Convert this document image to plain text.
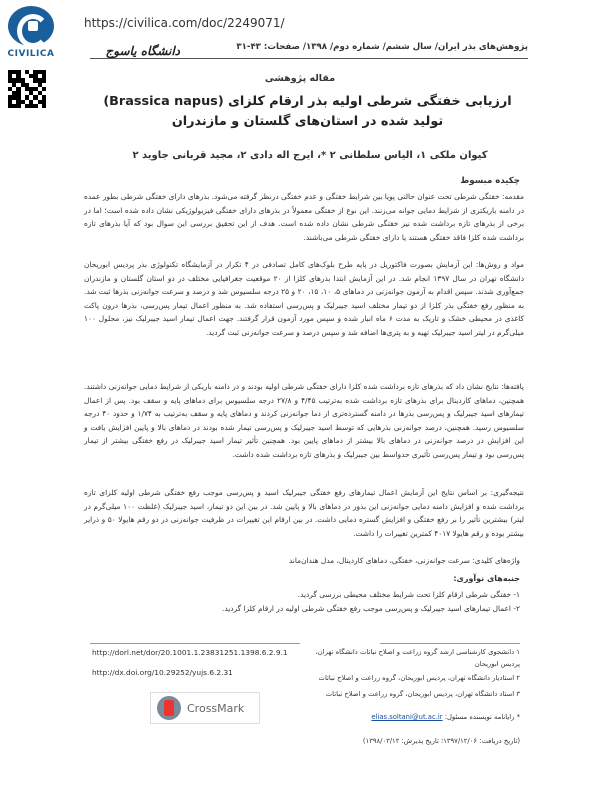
CIVILICA
https://civilica.com/doc/2249071/
دانشگاه یاسوج	پژوهش‌های بذر ایران/ سال ششم/ شماره دوم/ ۱۳۹۸/ صفحات: ۴۳-۳۱
مقاله پژوهشی
ارزیابی خفتگی شرطی اولیه بذر ارقام کلزای (Brassica napus) تولید شده در استان‌های گلستان و مازندران
کیوان ملکی ۱، الیاس سلطانی ۲ *، ایرج اله دادی ۲، مجید قربانی جاوید ۲
چکیده مبسوط
مقدمه: خفتگی شرطی تحت عنوان حالتی پویا بین شرایط خفتگی و عدم خفتگی درنظر گرفته می‌شود. بذرهای دارای خفتگی شرطی بطور عمده در دامنه باریکتری از شرایط دمایی جوانه می‌زنند. این نوع از خفتگی معمولاً در بذرهای دارای خفتگی فیزیولوژیکی نشان داده شده است؛ اما در برخی از بذرهای تازه برداشت شده نیز خفتگی شرطی نشان داده شده است. هدف از این تحقیق بررسی این سوال بود که آیا بذرهای تازه برداشت شده کلزا فاقد خفتگی هستند یا دارای خفتگی شرطی می‌باشند.
مواد و روش‌ها: این آزمایش بصورت فاکتوریل در پایه طرح بلوک‌های کامل تصادفی در ۴ تکرار در آزمایشگاه تکنولوژی بذر پردیس ابوریحان دانشگاه تهران در سال ۱۳۹۷ انجام شد. در این آزمایش ابتدا بذرهای کلزا از ۲۰ موقعیت جغرافیایی مختلف در دو استان گلستان و مازندران جمع‌آوری شدند. سپس اقدام به آزمون جوانه‌زنی در دماهای ۵، ۱۰، ۱۵، ۲۰ و ۲۵ درجه سلسیوس شد و درصد و سرعت جوانه‌زنی بذرها ثبت شد. به منظور رفع خفتگی بذر کلزا از دو تیمار مختلف اسید جیبرلیک و پس‌رسی استفاده شد. به منظور اعمال تیمار پس‌رسی، بذرها درون پاکت کاغذی در محیطی خشک و تاریک به مدت ۶ ماه انبار شده و سپس مورد آزمون قرار گرفتند. جهت اعمال تیمار اسید جیبرلیک نیز، محلول ۱۰۰ میلی‌گرم در لیتر اسید جیبرلیک تهیه و به پتری‌ها اضافه شد و سپس درصد و سرعت جوانه‌زنی ثبت گردید.
یافته‌ها: نتایج نشان داد که بذرهای تازه برداشت شده کلزا دارای خفتگی شرطی اولیه بودند و در دامنه باریکی از شرایط دمایی جوانه‌زنی داشتند. همچنین، دماهای کاردینال برای بذرهای تازه برداشت شده به‌ترتیب ۴/۴۵ و ۲۷/۸ درجه سلسیوس برای دماهای پایه و سقف بود. پس از اعمال تیمارهای اسید جیبرلیک و پس‌رسی بذرها در دامنه گسترده‌تری از دما جوانه‌زنی کردند و دماهای پایه و سقف به‌ترتیب به ۱/۷۴ و حدود ۴۰ درجه سلسیوس رسید. همچنین، درصد جوانه‌زنی بذرهایی که توسط اسید جیبرلیک و پس‌رسی تیمار شده بودند در دماهای بالا و پایین افزایش یافت و این افزایش در درصد جوانه‌زنی در دماهای بالا بیشتر از دماهای پایین بود. همچنین تأثیر تیمار اسید جیبرلیک در رفع خفتگی بیشتر از تیمار پس‌رسی بود و تیمار پس‌رسی تأثیری حدواسط بین جیبرلیک و بذرهای تازه برداشت شده داشت.
نتیجه‌گیری: بر اساس نتایج این آزمایش اعمال تیمارهای رفع خفتگی جیبرلیک اسید و پس‌رسی موجب رفع خفتگی شرطی اولیه کلزای تازه برداشت شده و افزایش دامنه دمایی جوانه‌زنی این بذور در دماهای بالا و پایین شد. در بین این دو تیمار، اسید جیبرلیک (غلظت ۱۰۰ میلی‌گرم در لیتر) بیشترین تأثیر را بر رفع خفتگی و افزایش گستره دمایی داشت. در بین ارقام این تغییرات در ظرفیت جوانه‌زنی در دو رقم هایولا ۵۰ و ذرایر بیشتر بوده و رقم هایولا ۴۰۱۷ کمترین تغییرات را داشت.
واژه‌های کلیدی: سرعت جوانه‌زنی، خفتگی، دماهای کاردینال، مدل هندان‌ماند
جنبه‌های نوآوری:
۱- خفتگی شرطی ارقام کلزا تحت شرایط مختلف محیطی بررسی گردید.
۲- اعمال تیمارهای اسید جیبرلیک و پس‌رسی موجب رفع خفتگی شرطی اولیه در ارقام کلزا گردید.
http://dorl.net/dor/20.1001.1.23831251.1398.6.2.9.1
http://dx.doi.org/10.29252/yujs.6.2.31
CrossMark
۱ دانشجوی کارشناسی ارشد گروه زراعت و اصلاح نباتات دانشگاه تهران، پردیس ابوریحان
۲ استادیار دانشگاه تهران، پردیس ابوریحان، گروه زراعت و اصلاح نباتات
۳ استاد دانشگاه تهران، پردیس ابوریحان، گروه زراعت و اصلاح نباتات
* رایانامه نویسنده مسئول: elias.soltani@ut.ac.ir
(تاریخ دریافت: ۱۳۹۷/۱۲/۰۶؛ تاریخ پذیرش: ۱۳۹۸/۰۳/۱۲)
